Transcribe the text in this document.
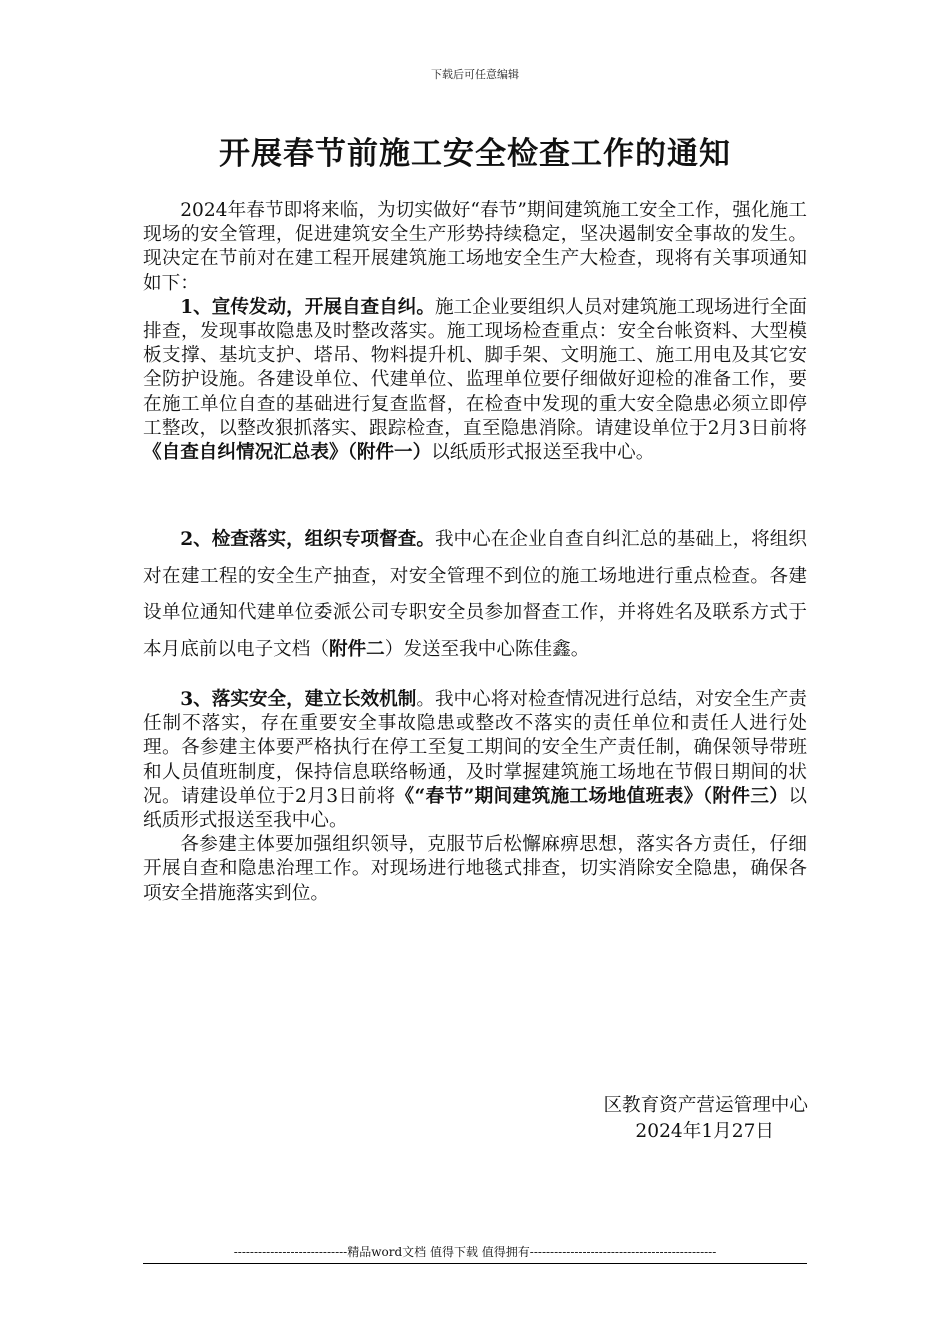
下载后可任意编辑
开展春节前施工安全检查工作的通知

2024年春节即将来临，为切实做好“春节”期间建筑施工安全工作，强化施工现场的安全管理，促进建筑安全生产形势持续稳定，坚决遏制安全事故的发生。现决定在节前对在建工程开展建筑施工场地安全生产大检查，现将有关事项通知如下：

1、宣传发动，开展自查自纠。施工企业要组织人员对建筑施工现场进行全面排查，发现事故隐患及时整改落实。施工现场检查重点：安全台帐资料、大型模板支撑、基坑支护、塔吊、物料提升机、脚手架、文明施工、施工用电及其它安全防护设施。各建设单位、代建单位、监理单位要仔细做好迎检的准备工作，要在施工单位自查的基础进行复查监督，在检查中发现的重大安全隐患必须立即停工整改，以整改狠抓落实、跟踪检查，直至隐患消除。请建设单位于2月3日前将《自查自纠情况汇总表》（附件一）以纸质形式报送至我中心。

2、检查落实，组织专项督查。我中心在企业自查自纠汇总的基础上，将组织对在建工程的安全生产抽查，对安全管理不到位的施工场地进行重点检查。各建设单位通知代建单位委派公司专职安全员参加督查工作，并将姓名及联系方式于本月底前以电子文档（附件二）发送至我中心陈佳鑫。

3、落实安全，建立长效机制。我中心将对检查情况进行总结，对安全生产责任制不落实，存在重要安全事故隐患或整改不落实的责任单位和责任人进行处理。各参建主体要严格执行在停工至复工期间的安全生产责任制，确保领导带班和人员值班制度，保持信息联络畅通，及时掌握建筑施工场地在节假日期间的状况。请建设单位于2月3日前将《“春节”期间建筑施工场地值班表》（附件三）以纸质形式报送至我中心。

各参建主体要加强组织领导，克服节后松懈麻痹思想，落实各方责任，仔细开展自查和隐患治理工作。对现场进行地毯式排查，切实消除安全隐患，确保各项安全措施落实到位。

区教育资产营运管理中心
2024年1月27日
----------------------------精品word文档 值得下载 值得拥有----------------------------------------------
